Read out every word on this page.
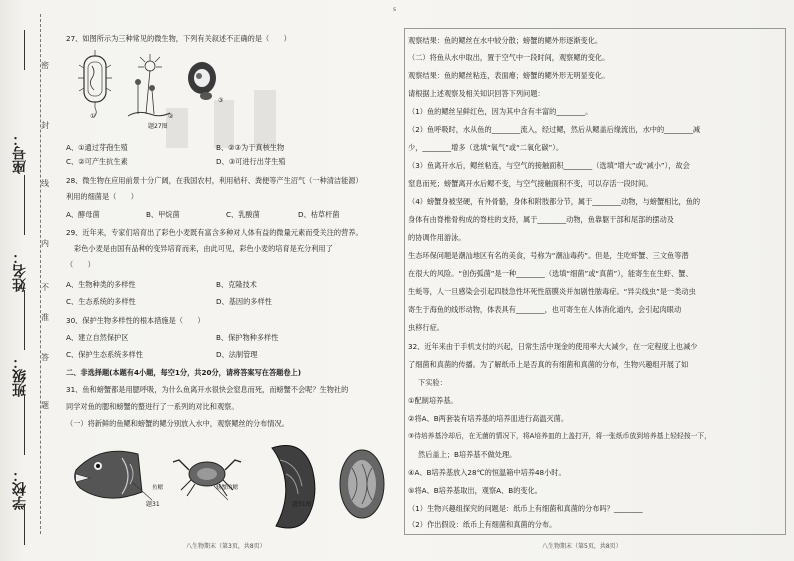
s
座号：
姓名：
班级：
学校：
密
封
线
内
不
准
答
题
27、如图所示为三种常见的微生物，下列有关叙述不正确的是（　　）
①	②
③
题27图
A、①通过芽孢生殖	B、②③为于真核生物
C、②可产生抗生素	D、③可进行出芽生殖
28、微生物在应用前景十分广阔，在我国农村，利用秸秆、粪便等产生沼气（一种清洁能源）
利用的细菌是（　　）
A、酵母菌	B、甲烷菌	C、乳酸菌	D、枯草杆菌
29、近年来，专家们培育出了彩色小麦既有富含多种对人体有益的微量元素而受关注的营养。
彩色小麦是由国有品种的变异培育而来，由此可见，彩色小麦的培育是充分利用了
（　　）
A、生物种类的多样性	B、克隆技术
C、生态系统的多样性	D、基因的多样性
30、保护生物多样性的根本措施是（　　）
A、建立自然保护区	B、保护物种多样性
C、保护生态系统多样性	D、法制管理
二、非选择题(本题有4小题，每空1分，共20分，请将答案写在答题卷上)
31、鱼和螃蟹都是用腮呼吸，为什么鱼离开水很快会窒息而死，而螃蟹不会呢？生物社的
同学对鱼的腮和螃蟹的螯进行了一系列的对比和观察。
（一）将新鲜的鱼鳃和螃蟹的鳃分别放入水中，观察鳃丝的分布情况。
鱼鳃	螃蟹的鳃
题31	题31图
八生物期末（第3页，共8页）
观察结果：鱼的鳃丝在水中较分散；螃蟹的鳃外形逐渐变化。
（二）将鱼从水中取出，置于空气中一段时间，观察鳃的变化。
观察结果：鱼的鳃丝粘连，表面瘪；螃蟹的鳃外形无明显变化。
请根据上述观察及相关知识回答下列问题：
（1）鱼的鳃丝呈鲜红色，因为其中含有丰富的________。
（2）鱼呼吸时，水从鱼的________流入，经过鳃，然后从鳃盖后缘流出，水中的________减
少，________增多（选填“氧气”或“二氧化碳”）。
（3）鱼离开水后，鳃丝粘连，与空气的接触面积________（选填“增大”或“减小”），故会
窒息而死；螃蟹离开水后鳃不变，与空气接触面积不变，可以存活一段时间。
（4）螃蟹身被坚硬，有外骨骼，身体和附肢都分节，属于________动物，与螃蟹相比，鱼的
身体有由脊椎骨构成的脊柱的支持，属于________动物，鱼靠躯干部和尾部的摆动及
的协调作用游泳。
生态环保问题是潮汕地区有名的美食，号称为“潮汕毒药”。但是，生吃虾蟹、三文鱼等潜
在很大的风险。“创伤弧菌”是一种________（选填“细菌”或“真菌”），能寄生在生虾、蟹、
生蚝等，人一旦感染会引起四肢急性坏死性筋膜炎并加剧性脓毒症。“异尖线虫”是一类动虫
寄生于海鱼的线形动物，体表具有________，也可寄生在人体消化道内，会引起肉眼动
虫移行症。
32、近年来由于手机支付的兴起，日常生活中现金的使用率大大减少，在一定程度上也减少
了细菌和真菌的传播。为了解纸币上是否真的有细菌和真菌的分布，生物兴趣组开展了如
下实验：
①配制培养基。
②将A、B两套装有培养基的培养皿进行高温灭菌。
③待培养基冷却后，在无菌的情况下，将A培养皿的上盖打开，将一张纸币放到培养基上轻轻按一下，
然后盖上；B培养基不做处理。
④A、B培养基放入28℃的恒温箱中培养48小时。
⑤将A、B培养基取出，观察A、B的变化。
（1）生物兴趣组探究的问题是：纸币上有细菌和真菌的分布吗？________
（2）作出假设：纸币上有细菌和真菌的分布。
八生物期末（第5页，共8页）
